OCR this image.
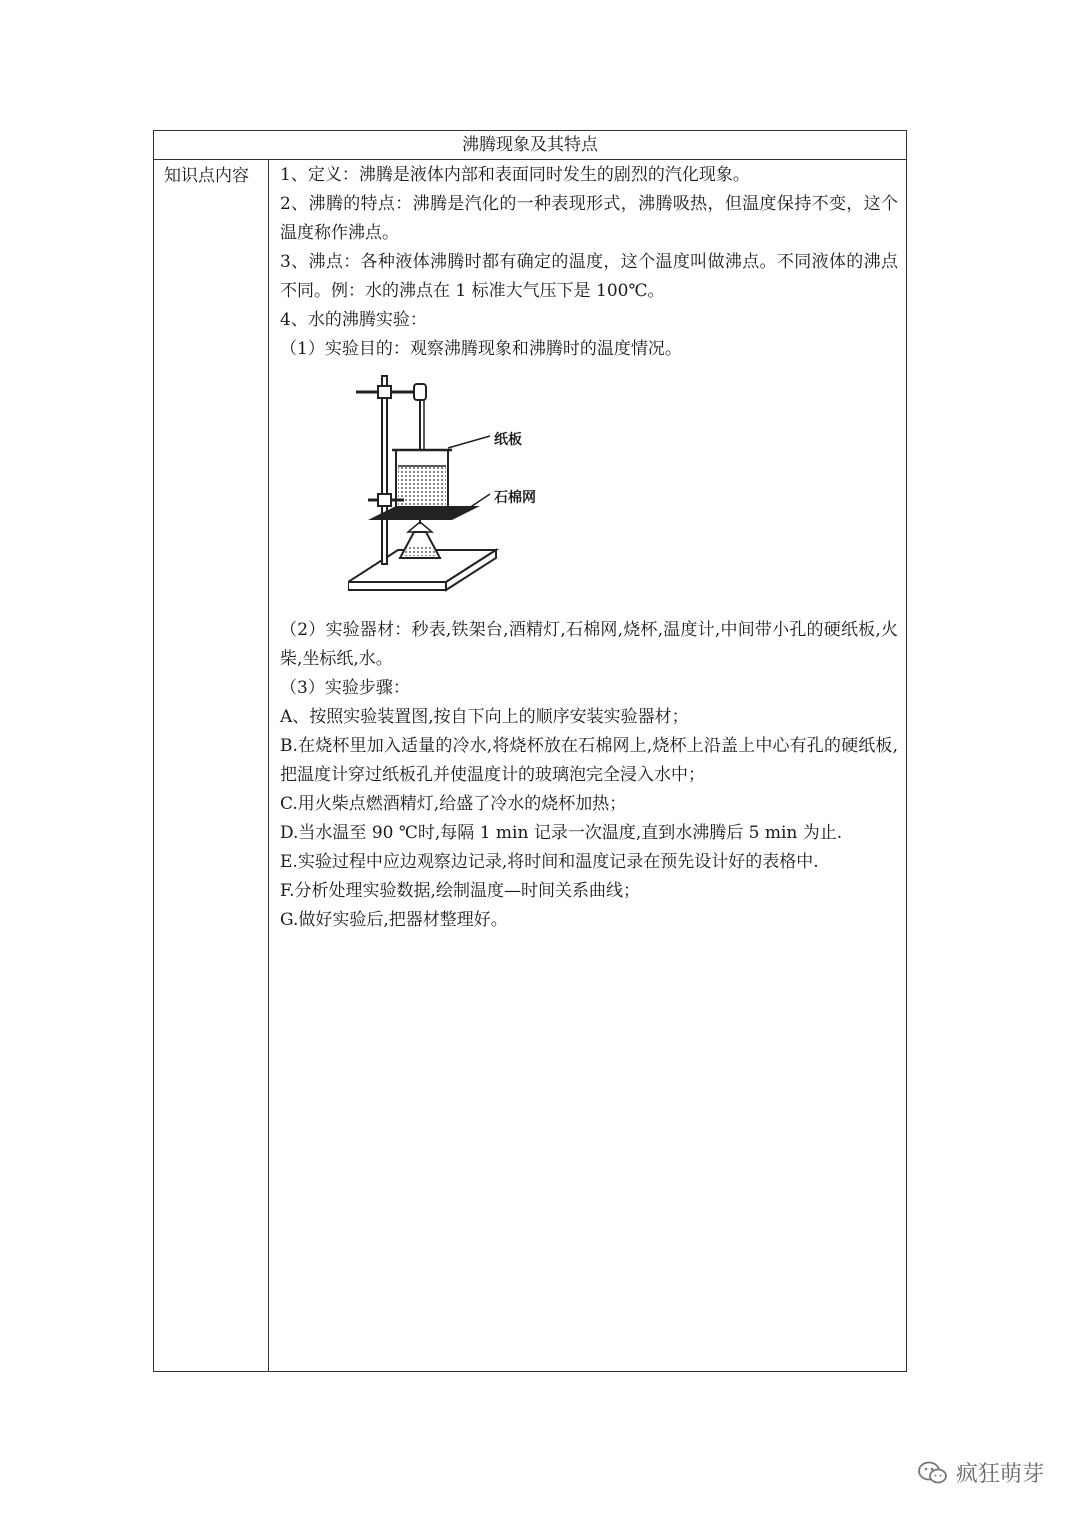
沸腾现象及其特点
知识点内容	1、定义：沸腾是液体内部和表面同时发生的剧烈的汽化现象。

2、沸腾的特点：沸腾是汽化的一种表现形式，沸腾吸热，但温度保持不变，这个温度称作沸点。

3、沸点：各种液体沸腾时都有确定的温度，这个温度叫做沸点。不同液体的沸点不同。例：水的沸点在 1 标准大气压下是 100℃。

4、水的沸腾实验：

（1）实验目的：观察沸腾现象和沸腾时的温度情况。

纸板
石棉网

（2）实验器材：秒表,铁架台,酒精灯,石棉网,烧杯,温度计,中间带小孔的硬纸板,火柴,坐标纸,水。

（3）实验步骤：

A、按照实验装置图,按自下向上的顺序安装实验器材；

B.在烧杯里加入适量的冷水,将烧杯放在石棉网上,烧杯上沿盖上中心有孔的硬纸板,把温度计穿过纸板孔并使温度计的玻璃泡完全浸入水中；

C.用火柴点燃酒精灯,给盛了冷水的烧杯加热；

D.当水温至 90 ℃时,每隔 1 min 记录一次温度,直到水沸腾后 5 min 为止.

E.实验过程中应边观察边记录,将时间和温度记录在预先设计好的表格中.

F.分析处理实验数据,绘制温度—时间关系曲线；

G.做好实验后,把器材整理好。

疯狂萌芽
